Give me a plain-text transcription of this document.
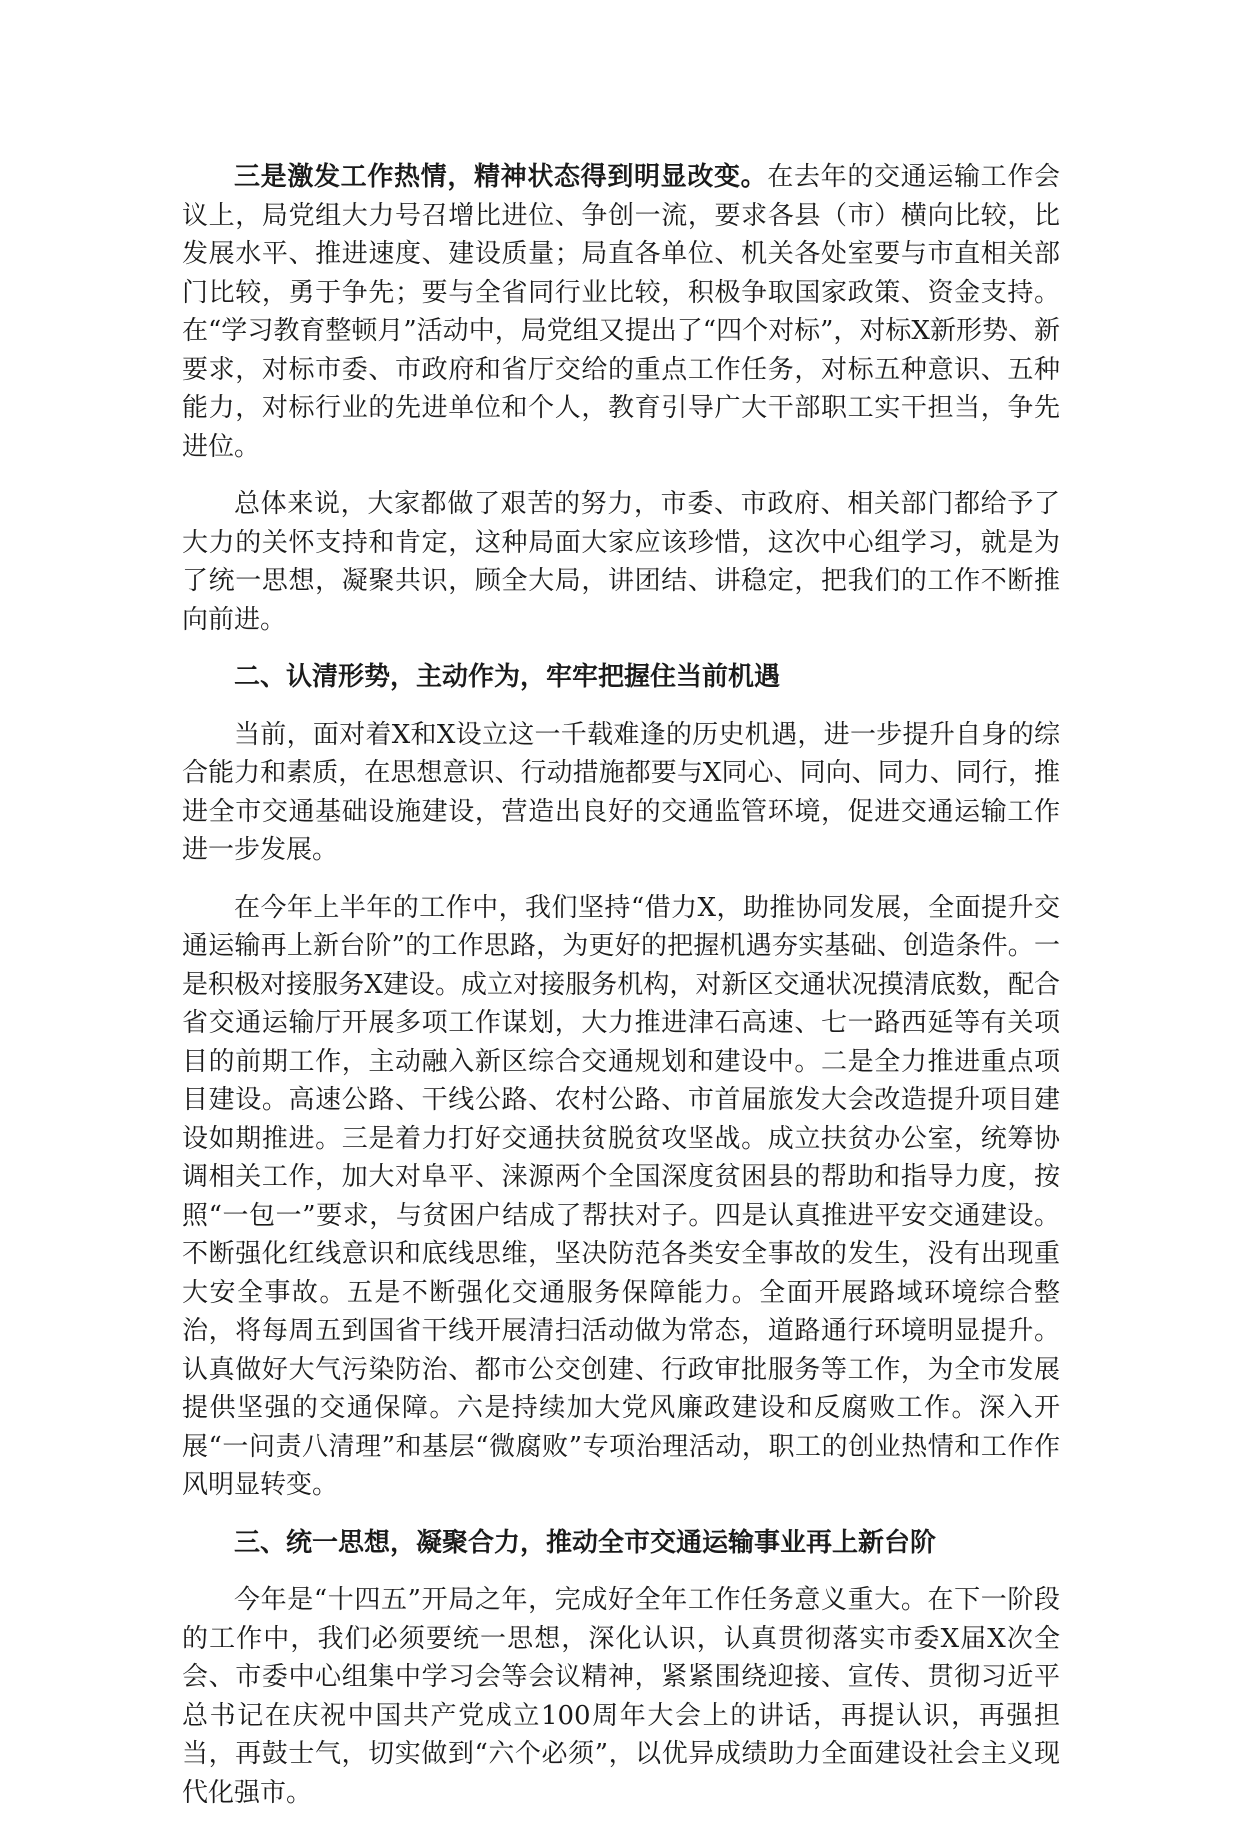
三是激发工作热情，精神状态得到明显改变。在去年的交通运输工作会议上，局党组大力号召增比进位、争创一流，要求各县（市）横向比较，比发展水平、推进速度、建设质量；局直各单位、机关各处室要与市直相关部门比较，勇于争先；要与全省同行业比较，积极争取国家政策、资金支持。在“学习教育整顿月”活动中，局党组又提出了“四个对标”，对标X新形势、新要求，对标市委、市政府和省厅交给的重点工作任务，对标五种意识、五种能力，对标行业的先进单位和个人，教育引导广大干部职工实干担当，争先进位。

总体来说，大家都做了艰苦的努力，市委、市政府、相关部门都给予了大力的关怀支持和肯定，这种局面大家应该珍惜，这次中心组学习，就是为了统一思想，凝聚共识，顾全大局，讲团结、讲稳定，把我们的工作不断推向前进。

二、认清形势，主动作为，牢牢把握住当前机遇

当前，面对着X和X设立这一千载难逢的历史机遇，进一步提升自身的综合能力和素质，在思想意识、行动措施都要与X同心、同向、同力、同行，推进全市交通基础设施建设，营造出良好的交通监管环境，促进交通运输工作进一步发展。

在今年上半年的工作中，我们坚持“借力X，助推协同发展，全面提升交通运输再上新台阶”的工作思路，为更好的把握机遇夯实基础、创造条件。一是积极对接服务X建设。成立对接服务机构，对新区交通状况摸清底数，配合省交通运输厅开展多项工作谋划，大力推进津石高速、七一路西延等有关项目的前期工作，主动融入新区综合交通规划和建设中。二是全力推进重点项目建设。高速公路、干线公路、农村公路、市首届旅发大会改造提升项目建设如期推进。三是着力打好交通扶贫脱贫攻坚战。成立扶贫办公室，统筹协调相关工作，加大对阜平、涞源两个全国深度贫困县的帮助和指导力度，按照“一包一”要求，与贫困户结成了帮扶对子。四是认真推进平安交通建设。不断强化红线意识和底线思维，坚决防范各类安全事故的发生，没有出现重大安全事故。五是不断强化交通服务保障能力。全面开展路域环境综合整治，将每周五到国省干线开展清扫活动做为常态，道路通行环境明显提升。认真做好大气污染防治、都市公交创建、行政审批服务等工作，为全市发展提供坚强的交通保障。六是持续加大党风廉政建设和反腐败工作。深入开展“一问责八清理”和基层“微腐败”专项治理活动，职工的创业热情和工作作风明显转变。

三、统一思想，凝聚合力，推动全市交通运输事业再上新台阶

今年是“十四五”开局之年，完成好全年工作任务意义重大。在下一阶段的工作中，我们必须要统一思想，深化认识，认真贯彻落实市委X届X次全会、市委中心组集中学习会等会议精神，紧紧围绕迎接、宣传、贯彻习近平总书记在庆祝中国共产党成立100周年大会上的讲话，再提认识，再强担当，再鼓士气，切实做到“六个必须”，以优异成绩助力全面建设社会主义现代化强市。
